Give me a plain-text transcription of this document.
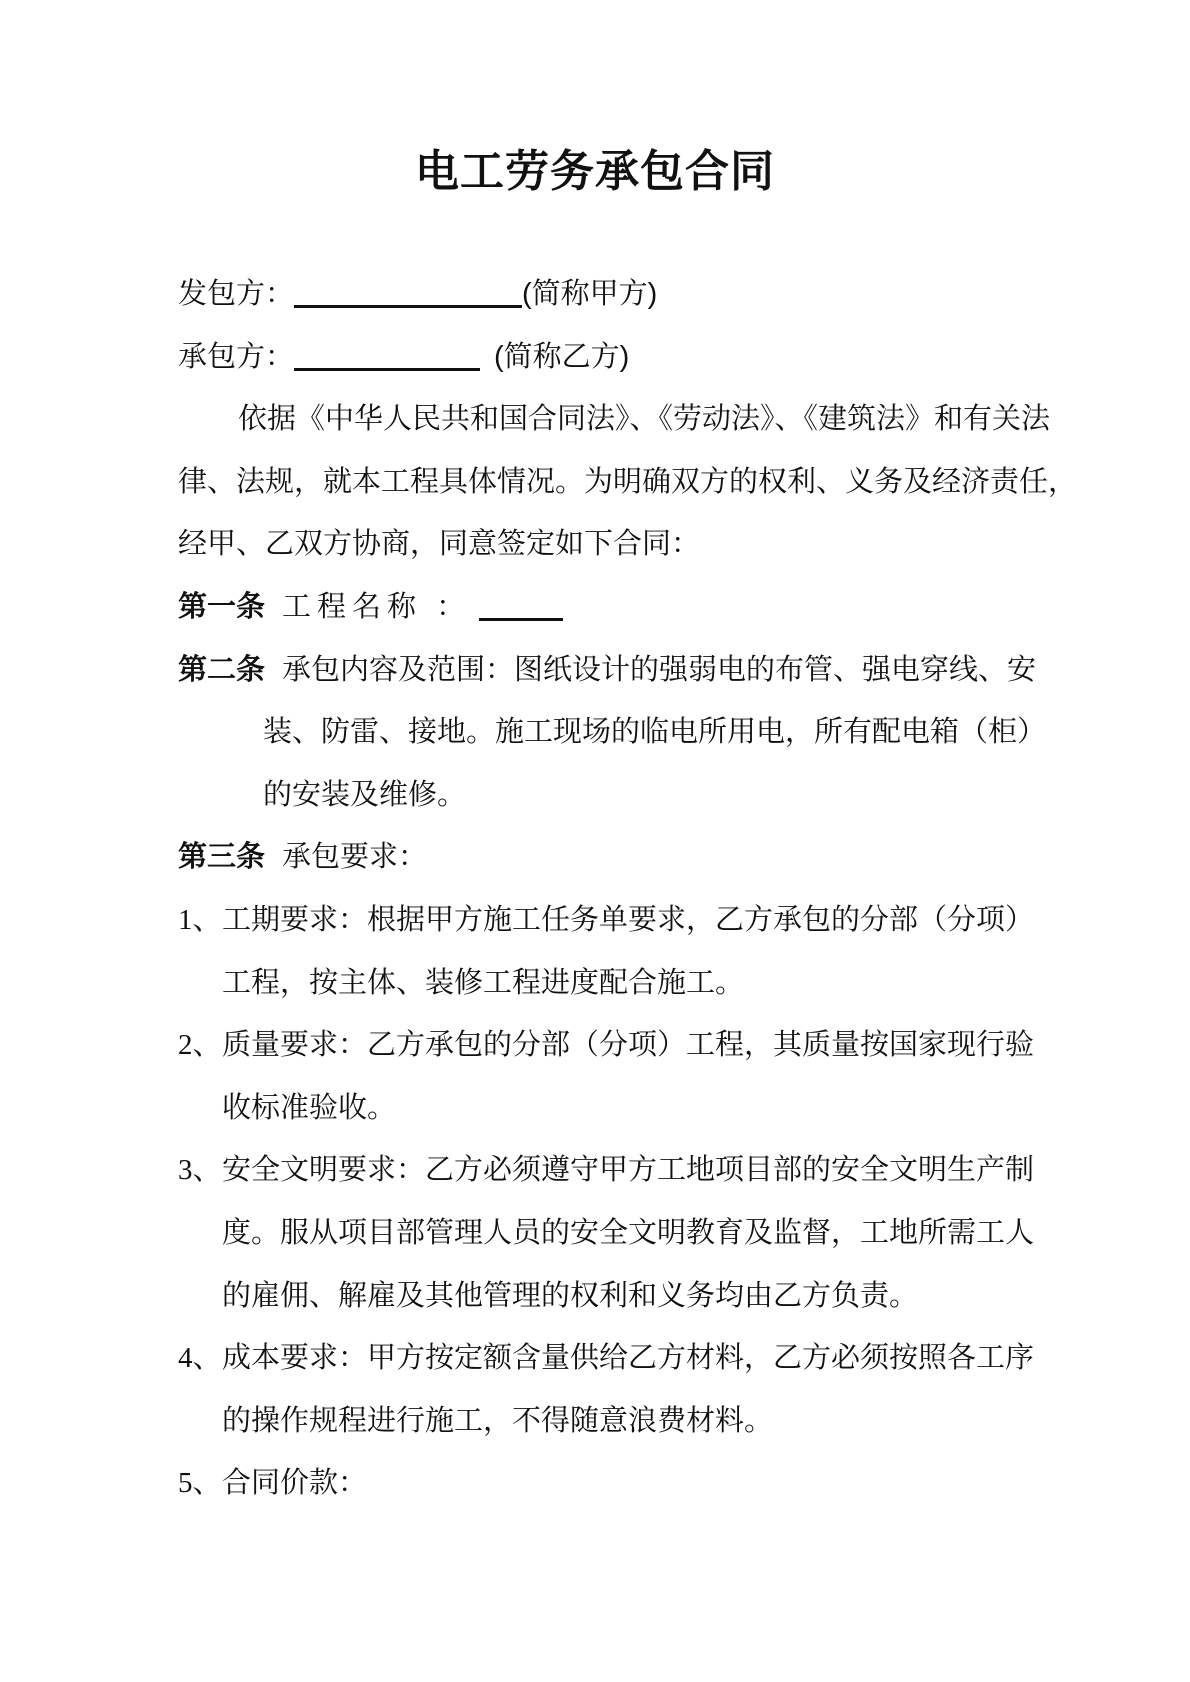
电工劳务承包合同
发包方：	(简称甲方)
承包方：	(简称乙方)
依据《中华人民共和国合同法》、《劳动法》、《建筑法》和有关法
律、法规，就本工程具体情况。为明确双方的权利、义务及经济责任，
经甲、乙双方协商，同意签定如下合同：
第一条 工程名称 ：
第二条 承包内容及范围：图纸设计的强弱电的布管、强电穿线、安
装、防雷、接地。施工现场的临电所用电，所有配电箱（柜）
的安装及维修。
第三条 承包要求：
1、工期要求：根据甲方施工任务单要求，乙方承包的分部（分项）
工程，按主体、装修工程进度配合施工。
2、质量要求：乙方承包的分部（分项）工程，其质量按国家现行验
收标准验收。
3、安全文明要求：乙方必须遵守甲方工地项目部的安全文明生产制
度。服从项目部管理人员的安全文明教育及监督，工地所需工人
的雇佣、解雇及其他管理的权利和义务均由乙方负责。
4、成本要求：甲方按定额含量供给乙方材料，乙方必须按照各工序
的操作规程进行施工，不得随意浪费材料。
5、合同价款：
